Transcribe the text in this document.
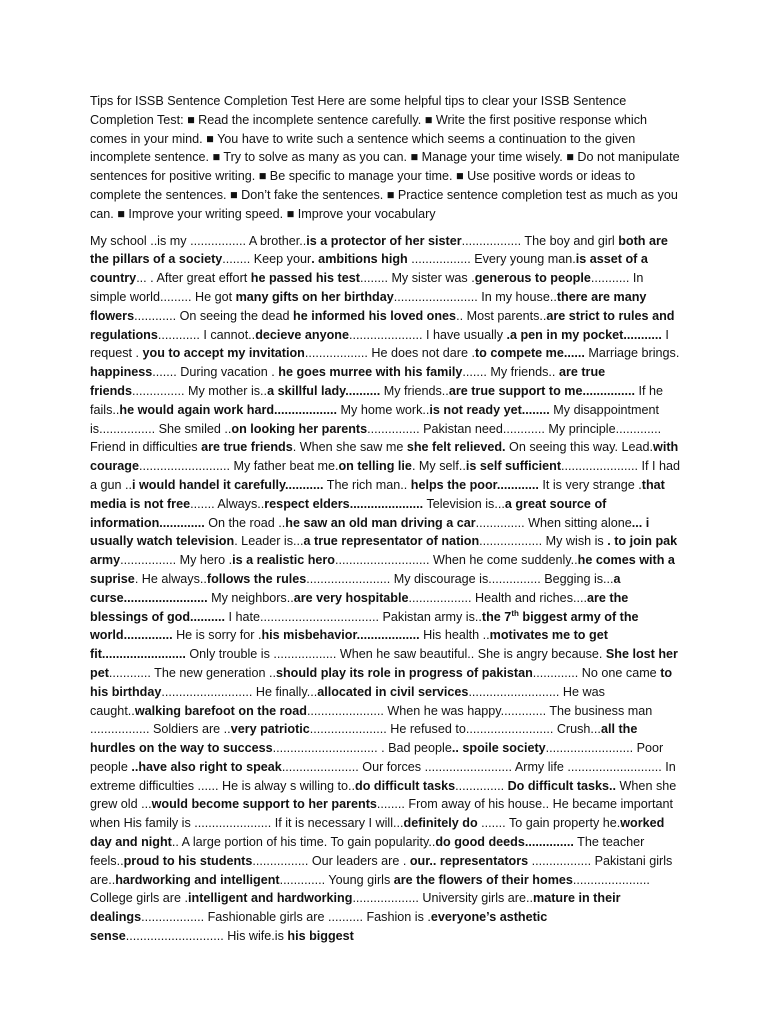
Tips for ISSB Sentence Completion Test Here are some helpful tips to clear your ISSB Sentence Completion Test: ■ Read the incomplete sentence carefully. ■ Write the first positive response which comes in your mind. ■ You have to write such a sentence which seems a continuation to the given incomplete sentence. ■ Try to solve as many as you can. ■ Manage your time wisely. ■ Do not manipulate sentences for positive writing. ■ Be specific to manage your time. ■ Use positive words or ideas to complete the sentences. ■ Don’t fake the sentences. ■ Practice sentence completion test as much as you can. ■ Improve your writing speed. ■ Improve your vocabulary

My school ..is my ................ A brother..is a protector of her sister................. The boy and girl both are the pillars of a society........ Keep your. ambitions high ................. Every young man.is asset of a country... . After great effort he passed his test........ My sister was .generous to people........... In simple world......... He got many gifts on her birthday........................ In my house..there are many flowers............ On seeing the dead he informed his loved ones.. Most parents..are strict to rules and regulations............ I cannot..decieve anyone..................... I have usually .a pen in my pocket........... I request . you to accept my invitation.................. He does not dare .to compete me...... Marriage brings. happiness....... During vacation . he goes murree with his family....... My friends.. are true friends............... My mother is..a skillful lady.......... My friends..are true support to me............... If he fails..he would again work hard.................. My home work..is not ready yet........ My disappointment is................ She smiled ..on looking her parents............... Pakistan need............ My principle............. Friend in difficulties are true friends. When she saw me she felt relieved. On seeing this way. Lead.with courage.......................... My father beat me.on telling lie. My self..is self sufficient...................... If I had a gun ..i would handel it carefully........... The rich man.. helps the poor............ It is very strange .that media is not free....... Always..respect elders..................... Television is...a great source of information............. On the road ..he saw an old man driving a car.............. When sitting alone... i usually watch television. Leader is...a true representator of nation.................. My wish is . to join pak army................ My hero .is a realistic hero........................... When he come suddenly..he comes with a suprise. He always..follows the rules........................ My discourage is............... Begging is...a curse........................ My neighbors..are very hospitable.................. Health and riches....are the blessings of god.......... I hate.................................. Pakistan army is..the 7th biggest army of the world.............. He is sorry for .his misbehavior.................. His health ..motivates me to get fit........................ Only trouble is .................. When he saw beautiful.. She is angry because. She lost her pet............ The new generation ..should play its role in progress of pakistan............. No one came to his birthday.......................... He finally...allocated in civil services.......................... He was caught..walking barefoot on the road...................... When he was happy............. The business man ................. Soldiers are ..very patriotic...................... He refused to......................... Crush...all the hurdles on the way to success.............................. . Bad people.. spoile society......................... Poor people ..have also right to speak...................... Our forces ......................... Army life ........................... In extreme difficulties ...... He is alway s willing to..do difficult tasks.............. Do difficult tasks.. When she grew old ...would become support to her parents........ From away of his house.. He became important when His family is ...................... If it is necessary I will...definitely do ....... To gain property he.worked day and night.. A large portion of his time. To gain popularity..do good deeds.............. The teacher feels..proud to his students................ Our leaders are . our.. representators ................. Pakistani girls are..hardworking and intelligent............. Young girls are the flowers of their homes...................... College girls are .intelligent and hardworking................... University girls are..mature in their dealings.................. Fashionable girls are .......... Fashion is .everyone’s asthetic sense............................ His wife.is his biggest
